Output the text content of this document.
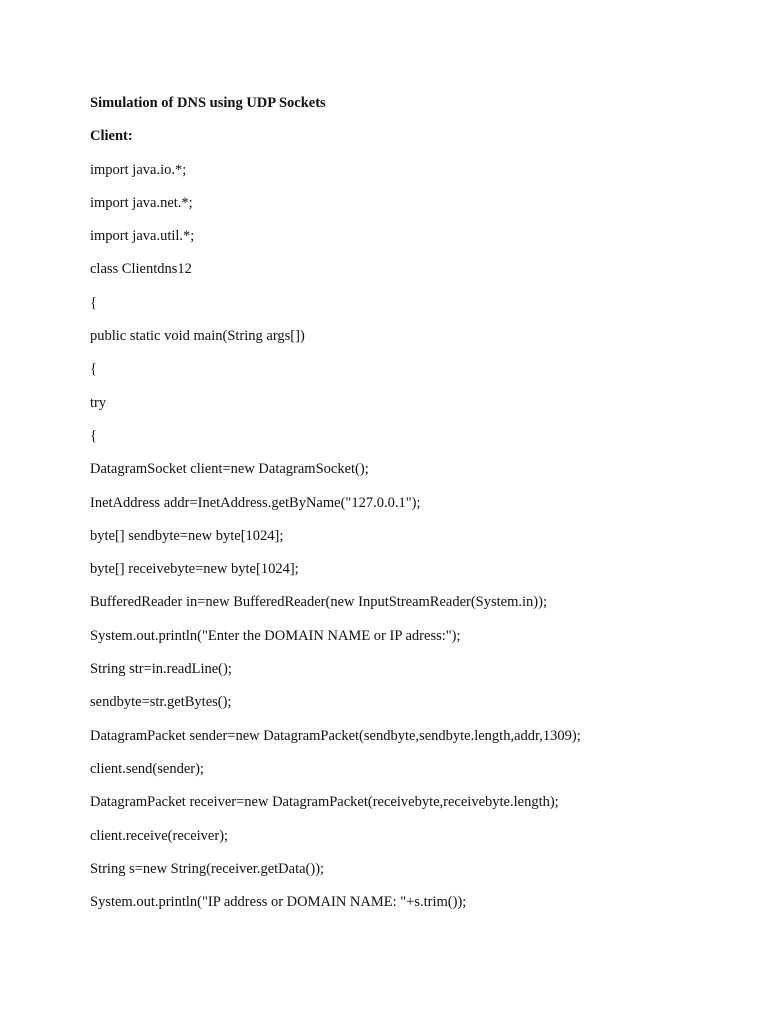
Simulation of DNS using UDP Sockets
Client:
import java.io.*;
import java.net.*;
import java.util.*;
class Clientdns12
{
public static void main(String args[])
{
try
{
DatagramSocket client=new DatagramSocket();
InetAddress addr=InetAddress.getByName("127.0.0.1");
byte[] sendbyte=new byte[1024];
byte[] receivebyte=new byte[1024];
BufferedReader in=new BufferedReader(new InputStreamReader(System.in));
System.out.println("Enter the DOMAIN NAME or IP adress:");
String str=in.readLine();
sendbyte=str.getBytes();
DatagramPacket sender=new DatagramPacket(sendbyte,sendbyte.length,addr,1309);
client.send(sender);
DatagramPacket receiver=new DatagramPacket(receivebyte,receivebyte.length);
client.receive(receiver);
String s=new String(receiver.getData());
System.out.println("IP address or DOMAIN NAME: "+s.trim());
